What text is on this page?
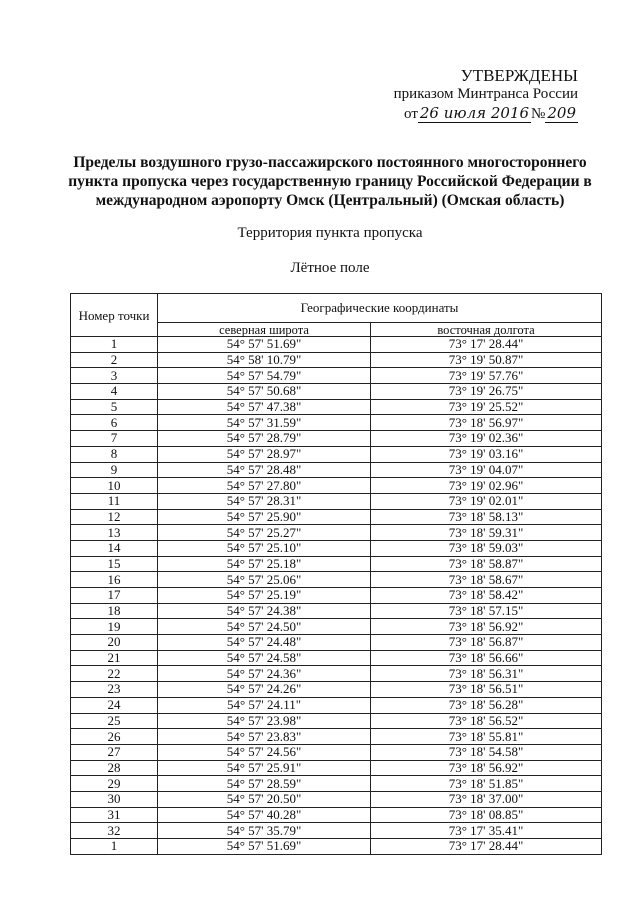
УТВЕРЖДЕНЫ
приказом Минтранса России
от 26 июля 2016 № 209
Пределы воздушного грузо-пассажирского постоянного многостороннего пункта пропуска через государственную границу Российской Федерации в международном аэропорту Омск (Центральный) (Омская область)
Территория пункта пропуска
Лётное поле
Номер точки	Географические координаты	
	северная широта	восточная долгота
1	54° 57' 51.69"	73° 17' 28.44"
2	54° 58' 10.79"	73° 19' 50.87"
3	54° 57' 54.79"	73° 19' 57.76"
4	54° 57' 50.68"	73° 19' 26.75"
5	54° 57' 47.38"	73° 19' 25.52"
6	54° 57' 31.59"	73° 18' 56.97"
7	54° 57' 28.79"	73° 19' 02.36"
8	54° 57' 28.97"	73° 19' 03.16"
9	54° 57' 28.48"	73° 19' 04.07"
10	54° 57' 27.80"	73° 19' 02.96"
11	54° 57' 28.31"	73° 19' 02.01"
12	54° 57' 25.90"	73° 18' 58.13"
13	54° 57' 25.27"	73° 18' 59.31"
14	54° 57' 25.10"	73° 18' 59.03"
15	54° 57' 25.18"	73° 18' 58.87"
16	54° 57' 25.06"	73° 18' 58.67"
17	54° 57' 25.19"	73° 18' 58.42"
18	54° 57' 24.38"	73° 18' 57.15"
19	54° 57' 24.50"	73° 18' 56.92"
20	54° 57' 24.48"	73° 18' 56.87"
21	54° 57' 24.58"	73° 18' 56.66"
22	54° 57' 24.36"	73° 18' 56.31"
23	54° 57' 24.26"	73° 18' 56.51"
24	54° 57' 24.11"	73° 18' 56.28"
25	54° 57' 23.98"	73° 18' 56.52"
26	54° 57' 23.83"	73° 18' 55.81"
27	54° 57' 24.56"	73° 18' 54.58"
28	54° 57' 25.91"	73° 18' 56.92"
29	54° 57' 28.59"	73° 18' 51.85"
30	54° 57' 20.50"	73° 18' 37.00"
31	54° 57' 40.28"	73° 18' 08.85"
32	54° 57' 35.79"	73° 17' 35.41"
1	54° 57' 51.69"	73° 17' 28.44"
